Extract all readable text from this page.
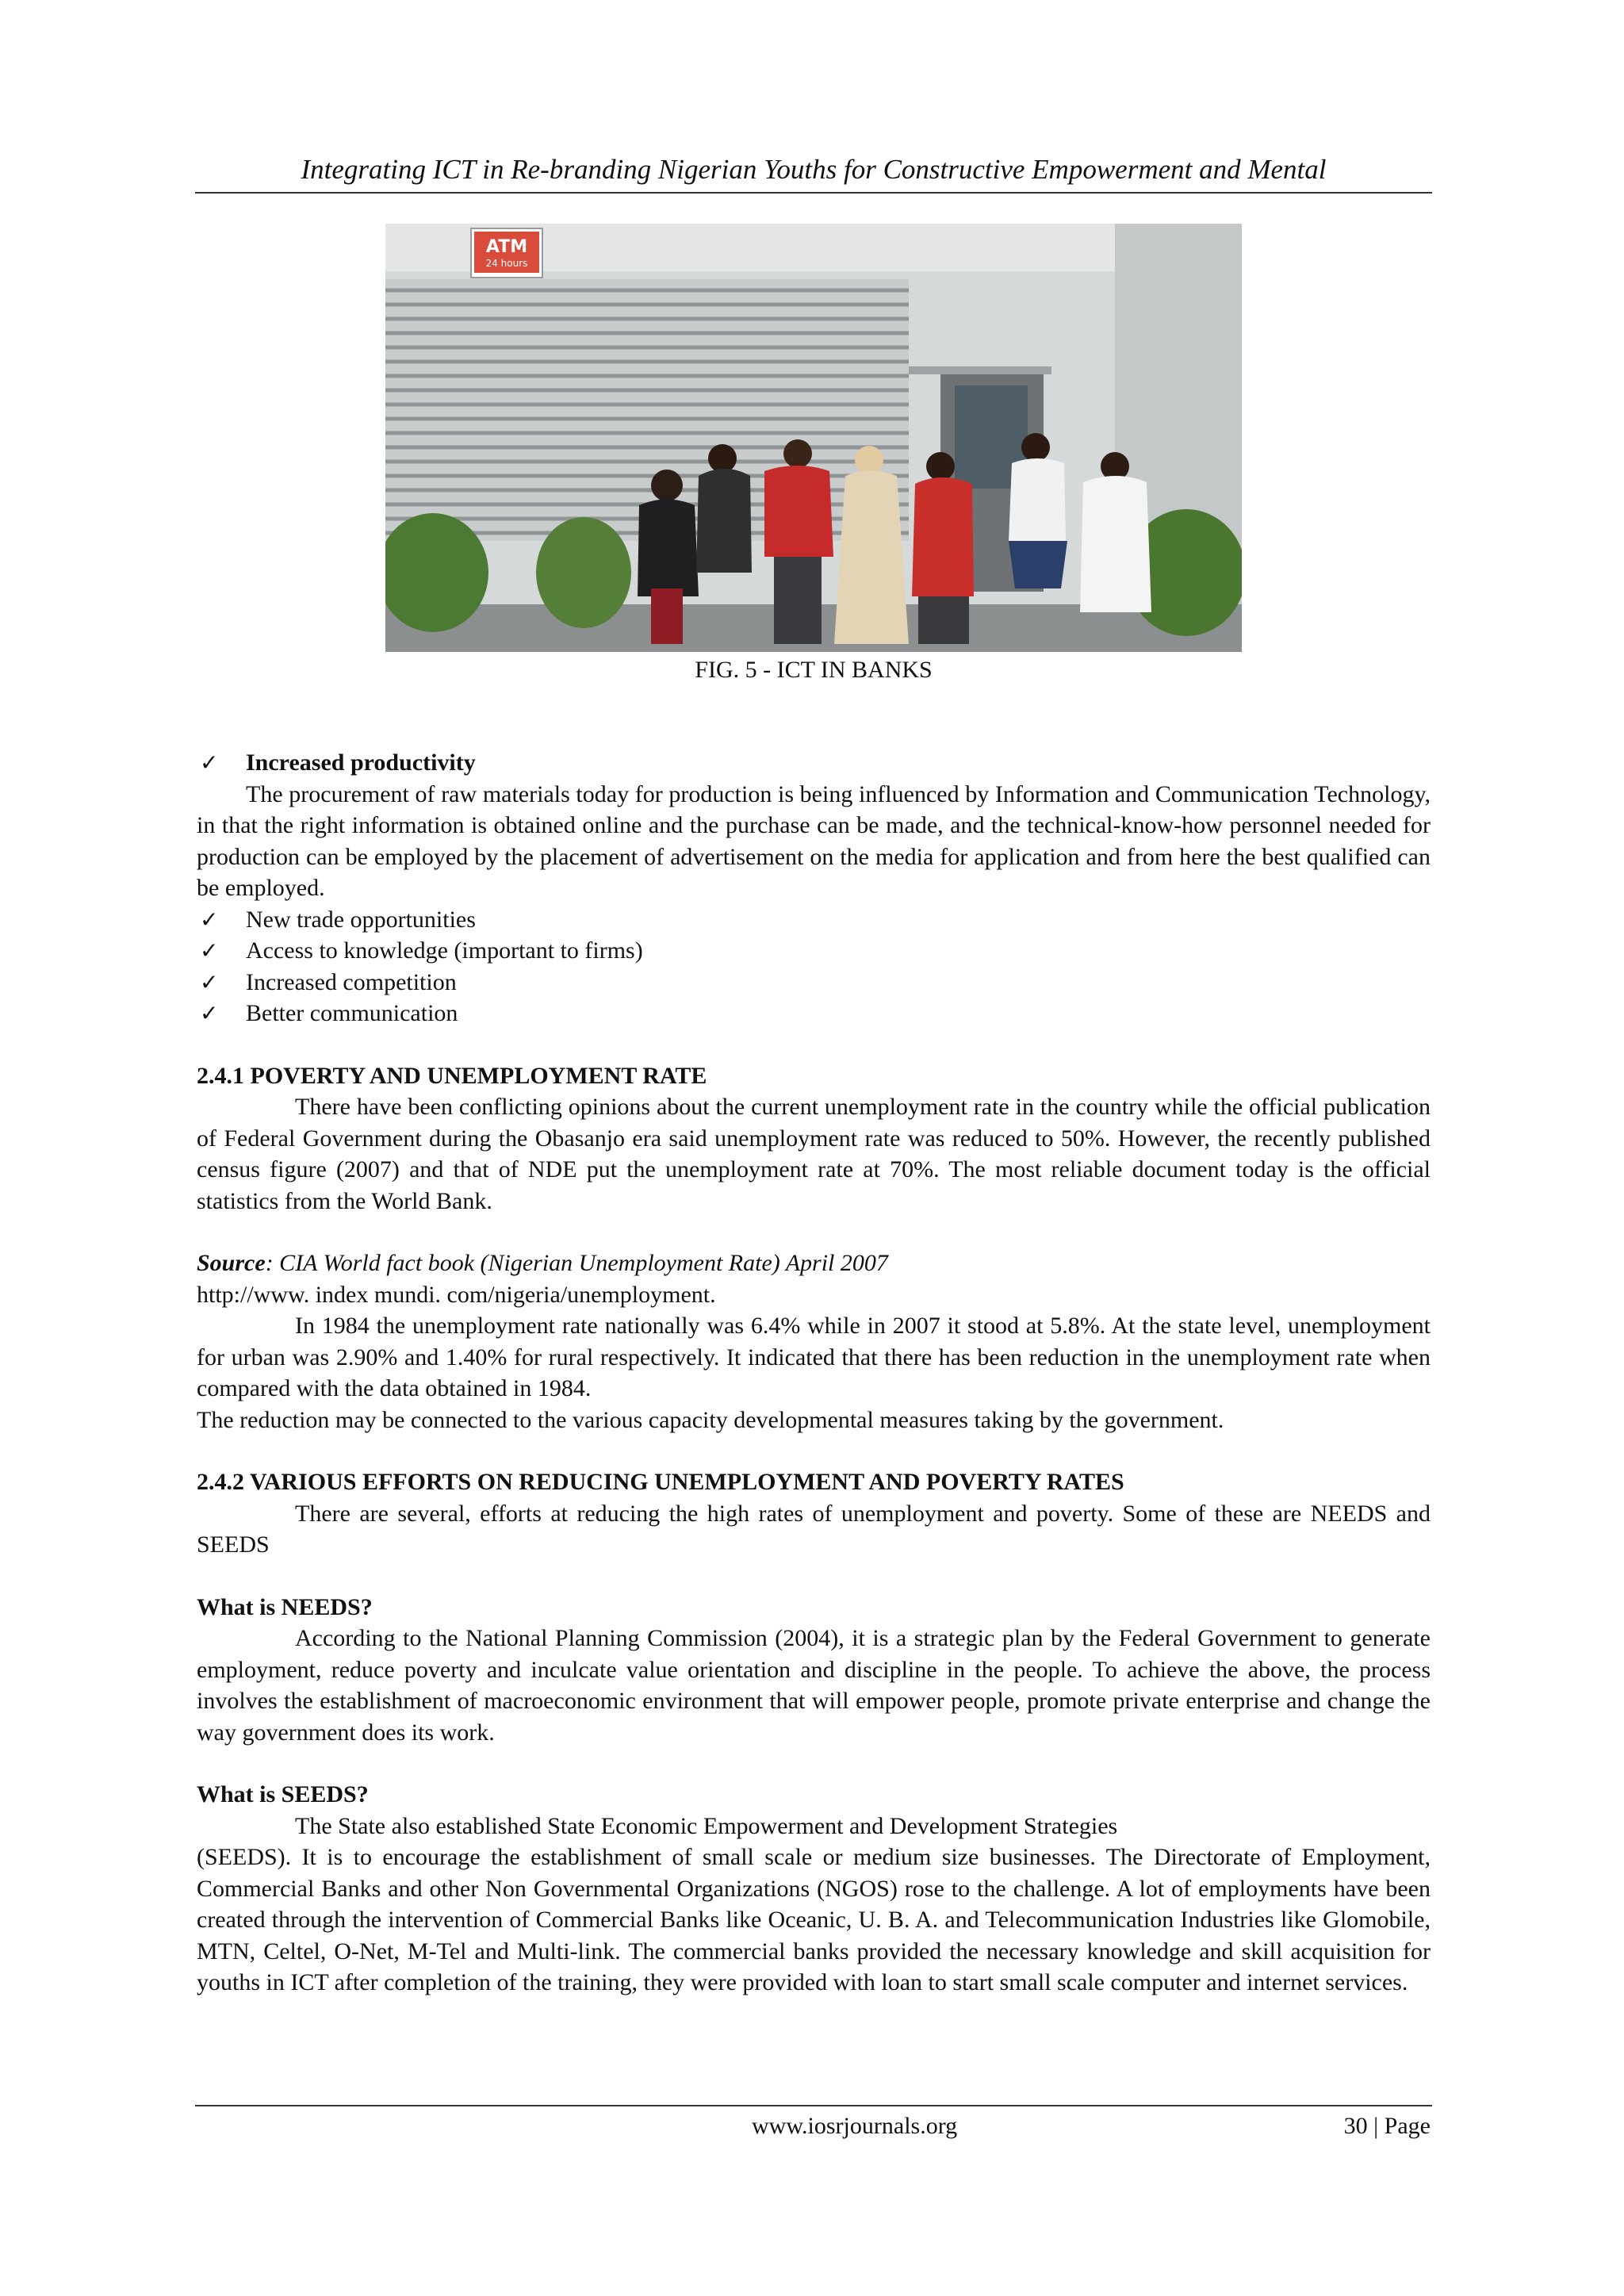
Integrating ICT in Re-branding Nigerian Youths for Constructive Empowerment and Mental
ATM
24 hours
FIG. 5 - ICT IN BANKS

✓ Increased productivity

The procurement of raw materials today for production is being influenced by Information and Communication Technology, in that the right information is obtained online and the purchase can be made, and the technical-know-how personnel needed for production can be employed by the placement of advertisement on the media for application and from here the best qualified can be employed.

✓ New trade opportunities

✓ Access to knowledge (important to firms)

✓ Increased competition

✓ Better communication

2.4.1 POVERTY AND UNEMPLOYMENT RATE

There have been conflicting opinions about the current unemployment rate in the country while the official publication of Federal Government during the Obasanjo era said unemployment rate was reduced to 50%. However, the recently published census figure (2007) and that of NDE put the unemployment rate at 70%. The most reliable document today is the official statistics from the World Bank.

Source: CIA World fact book (Nigerian Unemployment Rate) April 2007

http://www. index mundi. com/nigeria/unemployment.

In 1984 the unemployment rate nationally was 6.4% while in 2007 it stood at 5.8%. At the state level, unemployment for urban was 2.90% and 1.40% for rural respectively. It indicated that there has been reduction in the unemployment rate when compared with the data obtained in 1984.

The reduction may be connected to the various capacity developmental measures taking by the government.

2.4.2 VARIOUS EFFORTS ON REDUCING UNEMPLOYMENT AND POVERTY RATES

There are several, efforts at reducing the high rates of unemployment and poverty. Some of these are NEEDS and SEEDS

What is NEEDS?

According to the National Planning Commission (2004), it is a strategic plan by the Federal Government to generate employment, reduce poverty and inculcate value orientation and discipline in the people. To achieve the above, the process involves the establishment of macroeconomic environment that will empower people, promote private enterprise and change the way government does its work.

What is SEEDS?

The State also established State Economic Empowerment and Development Strategies

(SEEDS). It is to encourage the establishment of small scale or medium size businesses. The Directorate of Employment, Commercial Banks and other Non Governmental Organizations (NGOS) rose to the challenge. A lot of employments have been created through the intervention of Commercial Banks like Oceanic, U. B. A. and Telecommunication Industries like Glomobile, MTN, Celtel, O-Net, M-Tel and Multi-link. The commercial banks provided the necessary knowledge and skill acquisition for youths in ICT after completion of the training, they were provided with loan to start small scale computer and internet services.

www.iosrjournals.org	30 | Page
